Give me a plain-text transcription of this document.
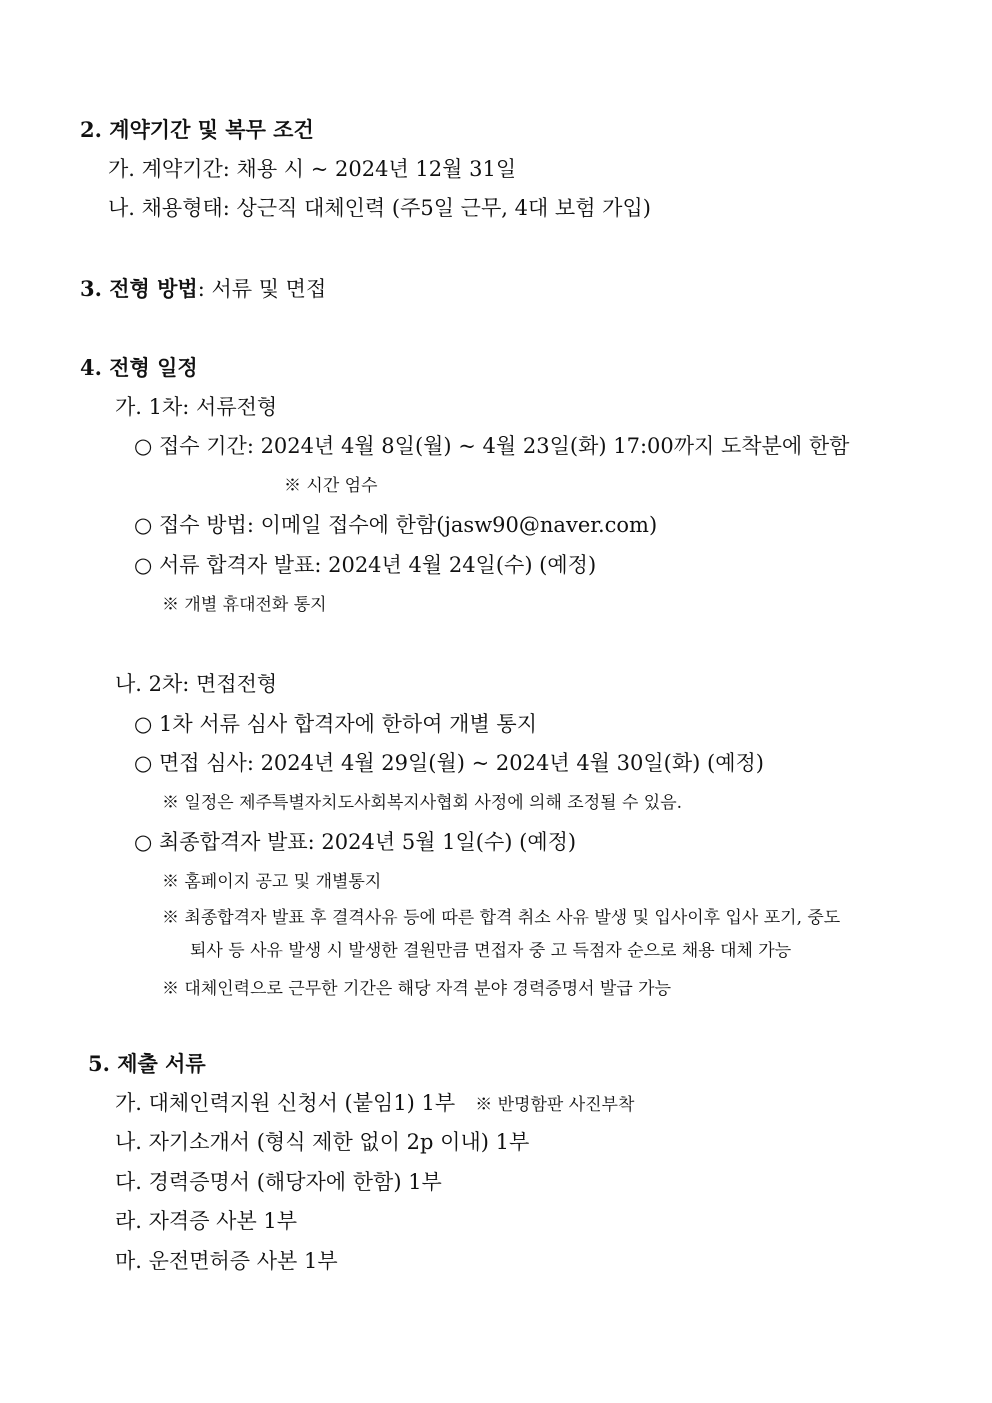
2. 계약기간 및 복무 조건
가. 계약기간: 채용 시 ~ 2024년 12월 31일
나. 채용형태: 상근직 대체인력 (주5일 근무, 4대 보험 가입)
3. 전형 방법: 서류 및 면접
4. 전형 일정
가. 1차: 서류전형
○ 접수 기간: 2024년 4월 8일(월) ~ 4월 23일(화) 17:00까지 도착분에 한함
※ 시간 엄수
○ 접수 방법: 이메일 접수에 한함(jasw90@naver.com)
○ 서류 합격자 발표: 2024년 4월 24일(수) (예정)
※ 개별 휴대전화 통지
나. 2차: 면접전형
○ 1차 서류 심사 합격자에 한하여 개별 통지
○ 면접 심사: 2024년 4월 29일(월) ~ 2024년 4월 30일(화) (예정)
※ 일정은 제주특별자치도사회복지사협회 사정에 의해 조정될 수 있음.
○ 최종합격자 발표: 2024년 5월 1일(수) (예정)
※ 홈페이지 공고 및 개별통지
※ 최종합격자 발표 후 결격사유 등에 따른 합격 취소 사유 발생 및 입사이후 입사 포기, 중도
퇴사 등 사유 발생 시 발생한 결원만큼 면접자 중 고 득점자 순으로 채용 대체 가능
※ 대체인력으로 근무한 기간은 해당 자격 분야 경력증명서 발급 가능
5. 제출 서류
가. 대체인력지원 신청서 (붙임1) 1부 ※ 반명함판 사진부착
나. 자기소개서 (형식 제한 없이 2p 이내) 1부
다. 경력증명서 (해당자에 한함) 1부
라. 자격증 사본 1부
마. 운전면허증 사본 1부
